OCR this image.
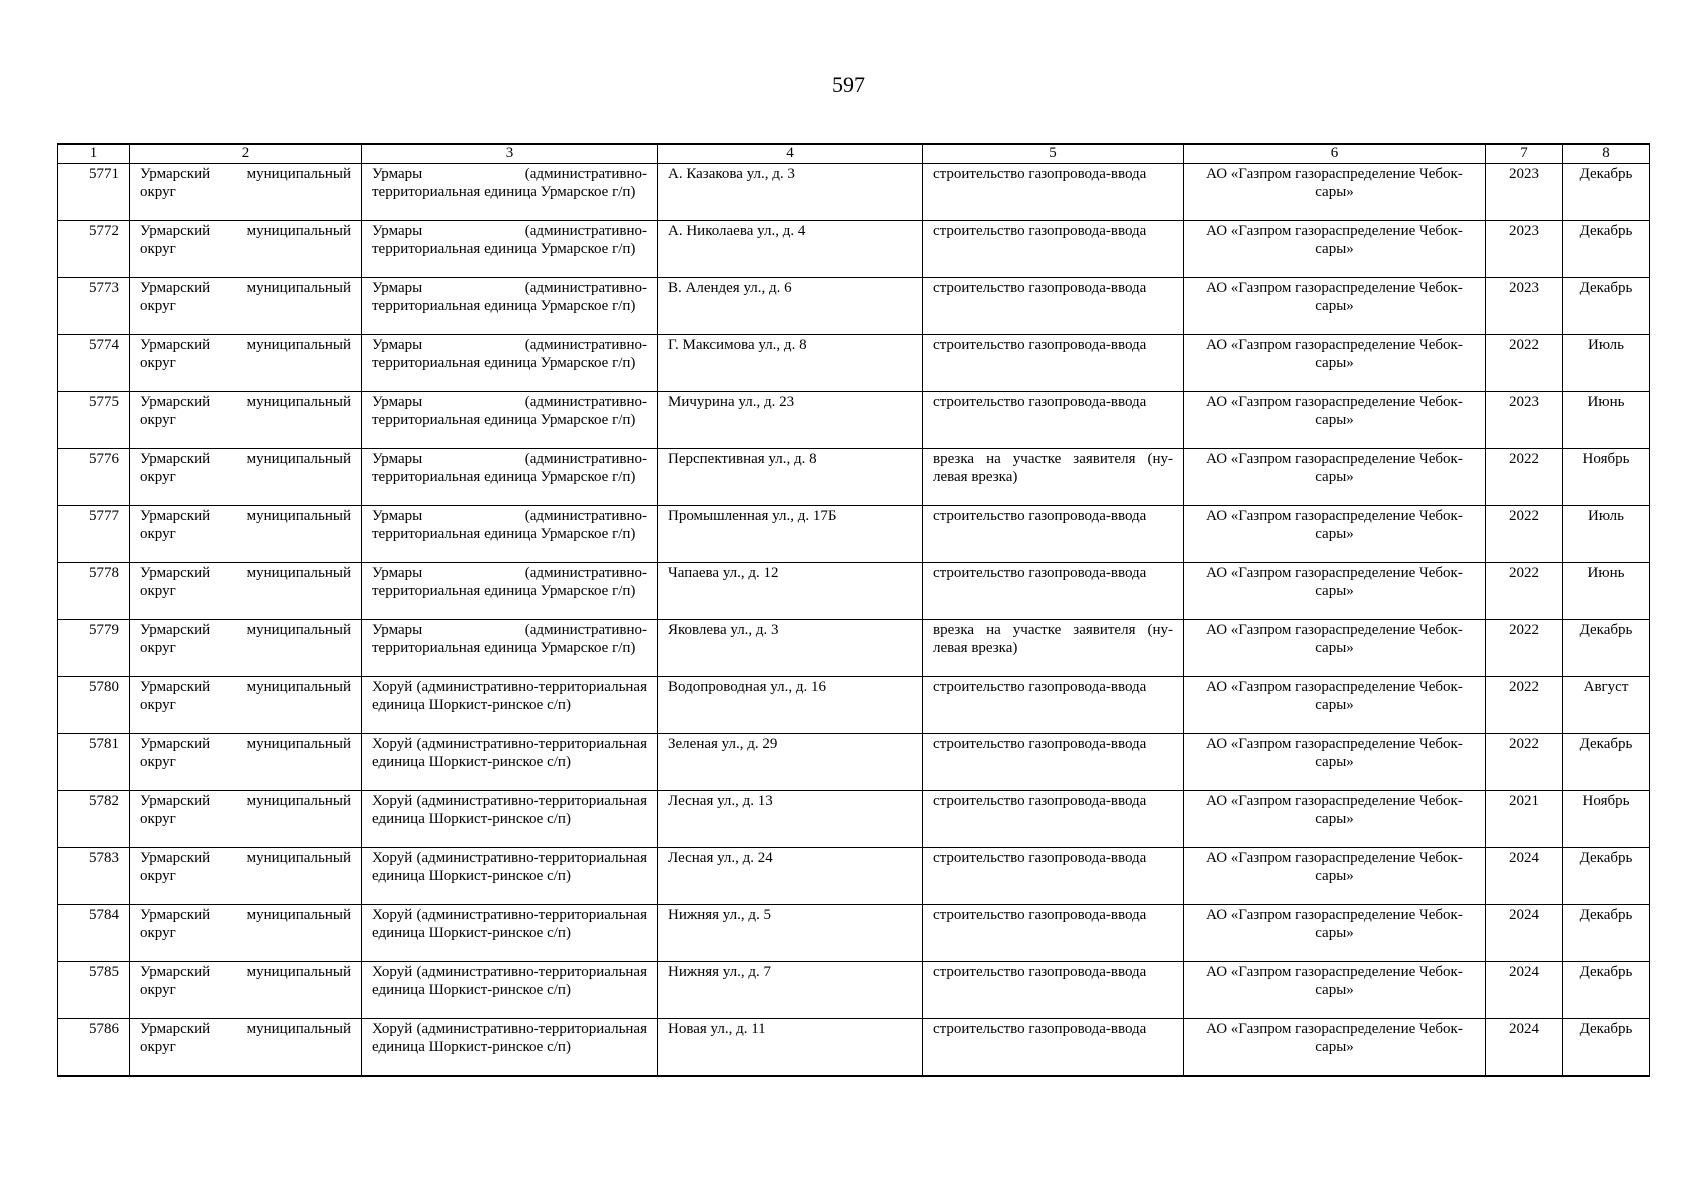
597
1	2	3	4	5	6	7	8
5771	Урмарский муниципальный округ	Урмары (административно-территориальная единица Урмарское г/п)	А. Казакова ул., д. 3	строительство газопровода-ввода	АО «Газпром газораспределение Чебок-сары»	2023	Декабрь
5772	Урмарский муниципальный округ	Урмары (административно-территориальная единица Урмарское г/п)	А. Николаева ул., д. 4	строительство газопровода-ввода	АО «Газпром газораспределение Чебок-сары»	2023	Декабрь
5773	Урмарский муниципальный округ	Урмары (административно-территориальная единица Урмарское г/п)	В. Алендея ул., д. 6	строительство газопровода-ввода	АО «Газпром газораспределение Чебок-сары»	2023	Декабрь
5774	Урмарский муниципальный округ	Урмары (административно-территориальная единица Урмарское г/п)	Г. Максимова ул., д. 8	строительство газопровода-ввода	АО «Газпром газораспределение Чебок-сары»	2022	Июль
5775	Урмарский муниципальный округ	Урмары (административно-территориальная единица Урмарское г/п)	Мичурина ул., д. 23	строительство газопровода-ввода	АО «Газпром газораспределение Чебок-сары»	2023	Июнь
5776	Урмарский муниципальный округ	Урмары (административно-территориальная единица Урмарское г/п)	Перспективная ул., д. 8	врезка на участке заявителя (ну-левая врезка)	АО «Газпром газораспределение Чебок-сары»	2022	Ноябрь
5777	Урмарский муниципальный округ	Урмары (административно-территориальная единица Урмарское г/п)	Промышленная ул., д. 17Б	строительство газопровода-ввода	АО «Газпром газораспределение Чебок-сары»	2022	Июль
5778	Урмарский муниципальный округ	Урмары (административно-территориальная единица Урмарское г/п)	Чапаева ул., д. 12	строительство газопровода-ввода	АО «Газпром газораспределение Чебок-сары»	2022	Июнь
5779	Урмарский муниципальный округ	Урмары (административно-территориальная единица Урмарское г/п)	Яковлева ул., д. 3	врезка на участке заявителя (ну-левая врезка)	АО «Газпром газораспределение Чебок-сары»	2022	Декабрь
5780	Урмарский муниципальный округ	Хоруй (административно-территориальная единица Шоркист-ринское с/п)	Водопроводная ул., д. 16	строительство газопровода-ввода	АО «Газпром газораспределение Чебок-сары»	2022	Август
5781	Урмарский муниципальный округ	Хоруй (административно-территориальная единица Шоркист-ринское с/п)	Зеленая ул., д. 29	строительство газопровода-ввода	АО «Газпром газораспределение Чебок-сары»	2022	Декабрь
5782	Урмарский муниципальный округ	Хоруй (административно-территориальная единица Шоркист-ринское с/п)	Лесная ул., д. 13	строительство газопровода-ввода	АО «Газпром газораспределение Чебок-сары»	2021	Ноябрь
5783	Урмарский муниципальный округ	Хоруй (административно-территориальная единица Шоркист-ринское с/п)	Лесная ул., д. 24	строительство газопровода-ввода	АО «Газпром газораспределение Чебок-сары»	2024	Декабрь
5784	Урмарский муниципальный округ	Хоруй (административно-территориальная единица Шоркист-ринское с/п)	Нижняя ул., д. 5	строительство газопровода-ввода	АО «Газпром газораспределение Чебок-сары»	2024	Декабрь
5785	Урмарский муниципальный округ	Хоруй (административно-территориальная единица Шоркист-ринское с/п)	Нижняя ул., д. 7	строительство газопровода-ввода	АО «Газпром газораспределение Чебок-сары»	2024	Декабрь
5786	Урмарский муниципальный округ	Хоруй (административно-территориальная единица Шоркист-ринское с/п)	Новая ул., д. 11	строительство газопровода-ввода	АО «Газпром газораспределение Чебок-сары»	2024	Декабрь
